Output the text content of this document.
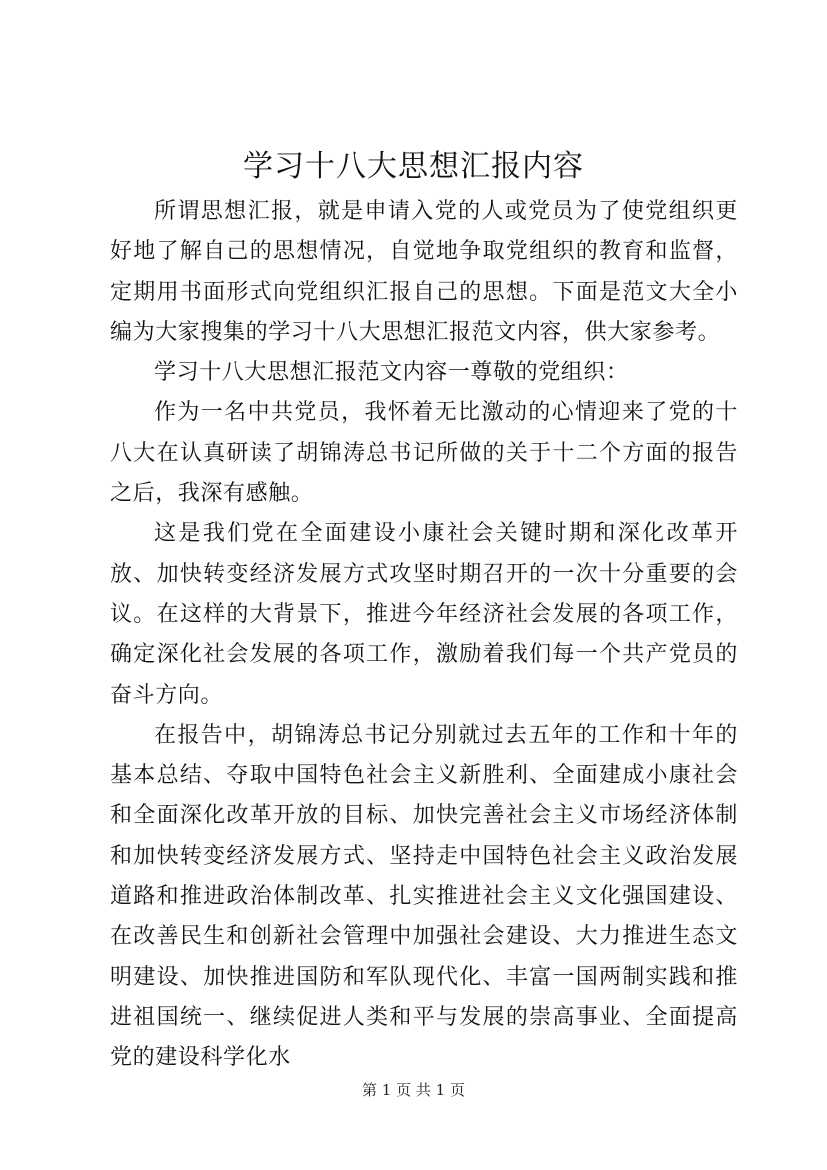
学习十八大思想汇报内容

所谓思想汇报，就是申请入党的人或党员为了使党组织更好地了解自己的思想情况，自觉地争取党组织的教育和监督，定期用书面形式向党组织汇报自己的思想。下面是范文大全小编为大家搜集的学习十八大思想汇报范文内容，供大家参考。

学习十八大思想汇报范文内容一尊敬的党组织：

作为一名中共党员，我怀着无比激动的心情迎来了党的十八大在认真研读了胡锦涛总书记所做的关于十二个方面的报告之后，我深有感触。

这是我们党在全面建设小康社会关键时期和深化改革开放、加快转变经济发展方式攻坚时期召开的一次十分重要的会议。在这样的大背景下，推进今年经济社会发展的各项工作，确定深化社会发展的各项工作，激励着我们每一个共产党员的奋斗方向。

在报告中，胡锦涛总书记分别就过去五年的工作和十年的基本总结、夺取中国特色社会主义新胜利、全面建成小康社会和全面深化改革开放的目标、加快完善社会主义市场经济体制和加快转变经济发展方式、坚持走中国特色社会主义政治发展道路和推进政治体制改革、扎实推进社会主义文化强国建设、在改善民生和创新社会管理中加强社会建设、大力推进生态文明建设、加快推进国防和军队现代化、丰富一国两制实践和推进祖国统一、继续促进人类和平与发展的崇高事业、全面提高党的建设科学化水

第 1 页 共 1 页
